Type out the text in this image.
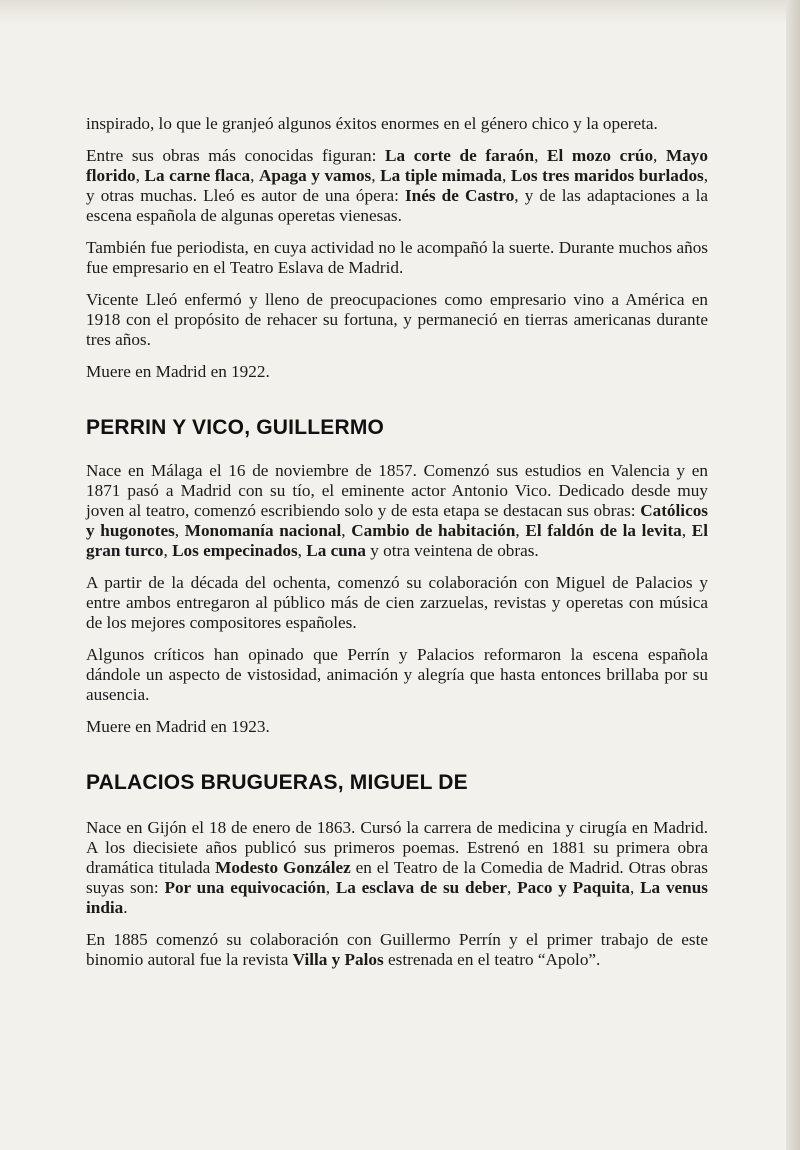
inspirado, lo que le granjeó algunos éxitos enormes en el género chico y la opereta.

Entre sus obras más conocidas figuran: La corte de faraón, El mozo crúo, Mayo florido, La carne flaca, Apaga y vamos, La tiple mimada, Los tres maridos burlados, y otras muchas. Lleó es autor de una ópera: Inés de Castro, y de las adaptaciones a la escena española de algunas operetas vienesas.

También fue periodista, en cuya actividad no le acompañó la suerte. Durante muchos años fue empresario en el Teatro Eslava de Madrid.

Vicente Lleó enfermó y lleno de preocupaciones como empresario vino a América en 1918 con el propósito de rehacer su fortuna, y permaneció en tierras americanas durante tres años.

Muere en Madrid en 1922.

PERRIN Y VICO, GUILLERMO

Nace en Málaga el 16 de noviembre de 1857. Comenzó sus estudios en Valencia y en 1871 pasó a Madrid con su tío, el eminente actor Antonio Vico. Dedicado desde muy joven al teatro, comenzó escribiendo solo y de esta etapa se destacan sus obras: Católicos y hugonotes, Monomanía nacional, Cambio de habitación, El faldón de la levita, El gran turco, Los empecinados, La cuna y otra veintena de obras.

A partir de la década del ochenta, comenzó su colaboración con Miguel de Palacios y entre ambos entregaron al público más de cien zarzuelas, revistas y operetas con música de los mejores compositores españoles.

Algunos críticos han opinado que Perrín y Palacios reformaron la escena española dándole un aspecto de vistosidad, animación y alegría que hasta entonces brillaba por su ausencia.

Muere en Madrid en 1923.

PALACIOS BRUGUERAS, MIGUEL DE

Nace en Gijón el 18 de enero de 1863. Cursó la carrera de medicina y cirugía en Madrid. A los diecisiete años publicó sus primeros poemas. Estrenó en 1881 su primera obra dramática titulada Modesto González en el Teatro de la Comedia de Madrid. Otras obras suyas son: Por una equivocación, La esclava de su deber, Paco y Paquita, La venus india.

En 1885 comenzó su colaboración con Guillermo Perrín y el primer trabajo de este binomio autoral fue la revista Villa y Palos estrenada en el teatro “Apolo”.
